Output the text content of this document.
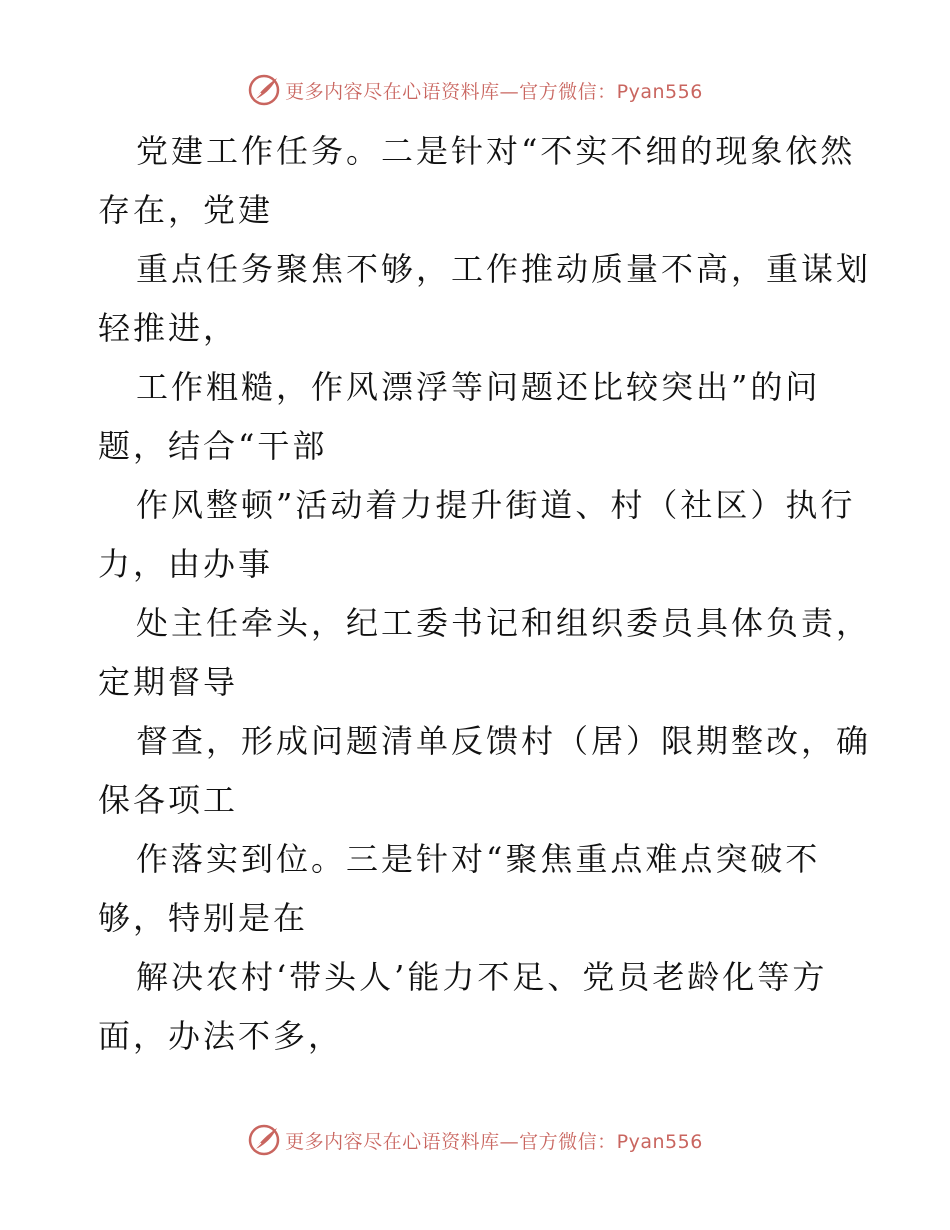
更多内容尽在心语资料库—官方微信：Pyan556
党建工作任务。二是针对“不实不细的现象依然
存在，党建
重点任务聚焦不够，工作推动质量不高，重谋划
轻推进，
工作粗糙，作风漂浮等问题还比较突出”的问
题，结合“干部
作风整顿”活动着力提升街道、村（社区）执行
力，由办事
处主任牵头，纪工委书记和组织委员具体负责，
定期督导
督查，形成问题清单反馈村（居）限期整改，确
保各项工
作落实到位。三是针对“聚焦重点难点突破不
够，特别是在
解决农村‘带头人’能力不足、党员老龄化等方
面，办法不多，
更多内容尽在心语资料库—官方微信：Pyan556
